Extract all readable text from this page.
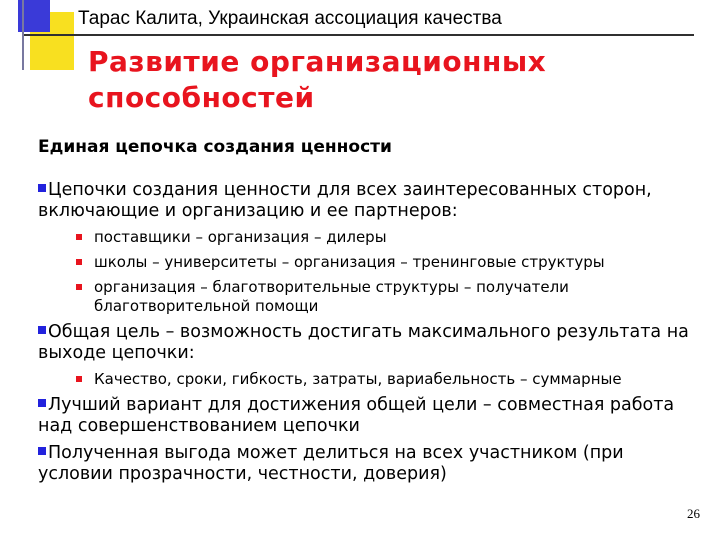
Тарас Калита, Украинская ассоциация качества
Развитие организационных способностей
Единая цепочка создания ценности
Цепочки создания ценности для всех заинтересованных сторон, включающие и организацию и ее партнеров:
поставщики – организация – дилеры
школы – университеты – организация – тренинговые структуры
организация – благотворительные структуры – получатели благотворительной помощи
Общая цель – возможность достигать максимального результата на выходе цепочки:
Качество, сроки, гибкость, затраты, вариабельность – суммарные
Лучший вариант для достижения общей цели – совместная работа над совершенствованием цепочки
Полученная выгода может делиться на всех участником (при условии прозрачности, честности, доверия)
26
